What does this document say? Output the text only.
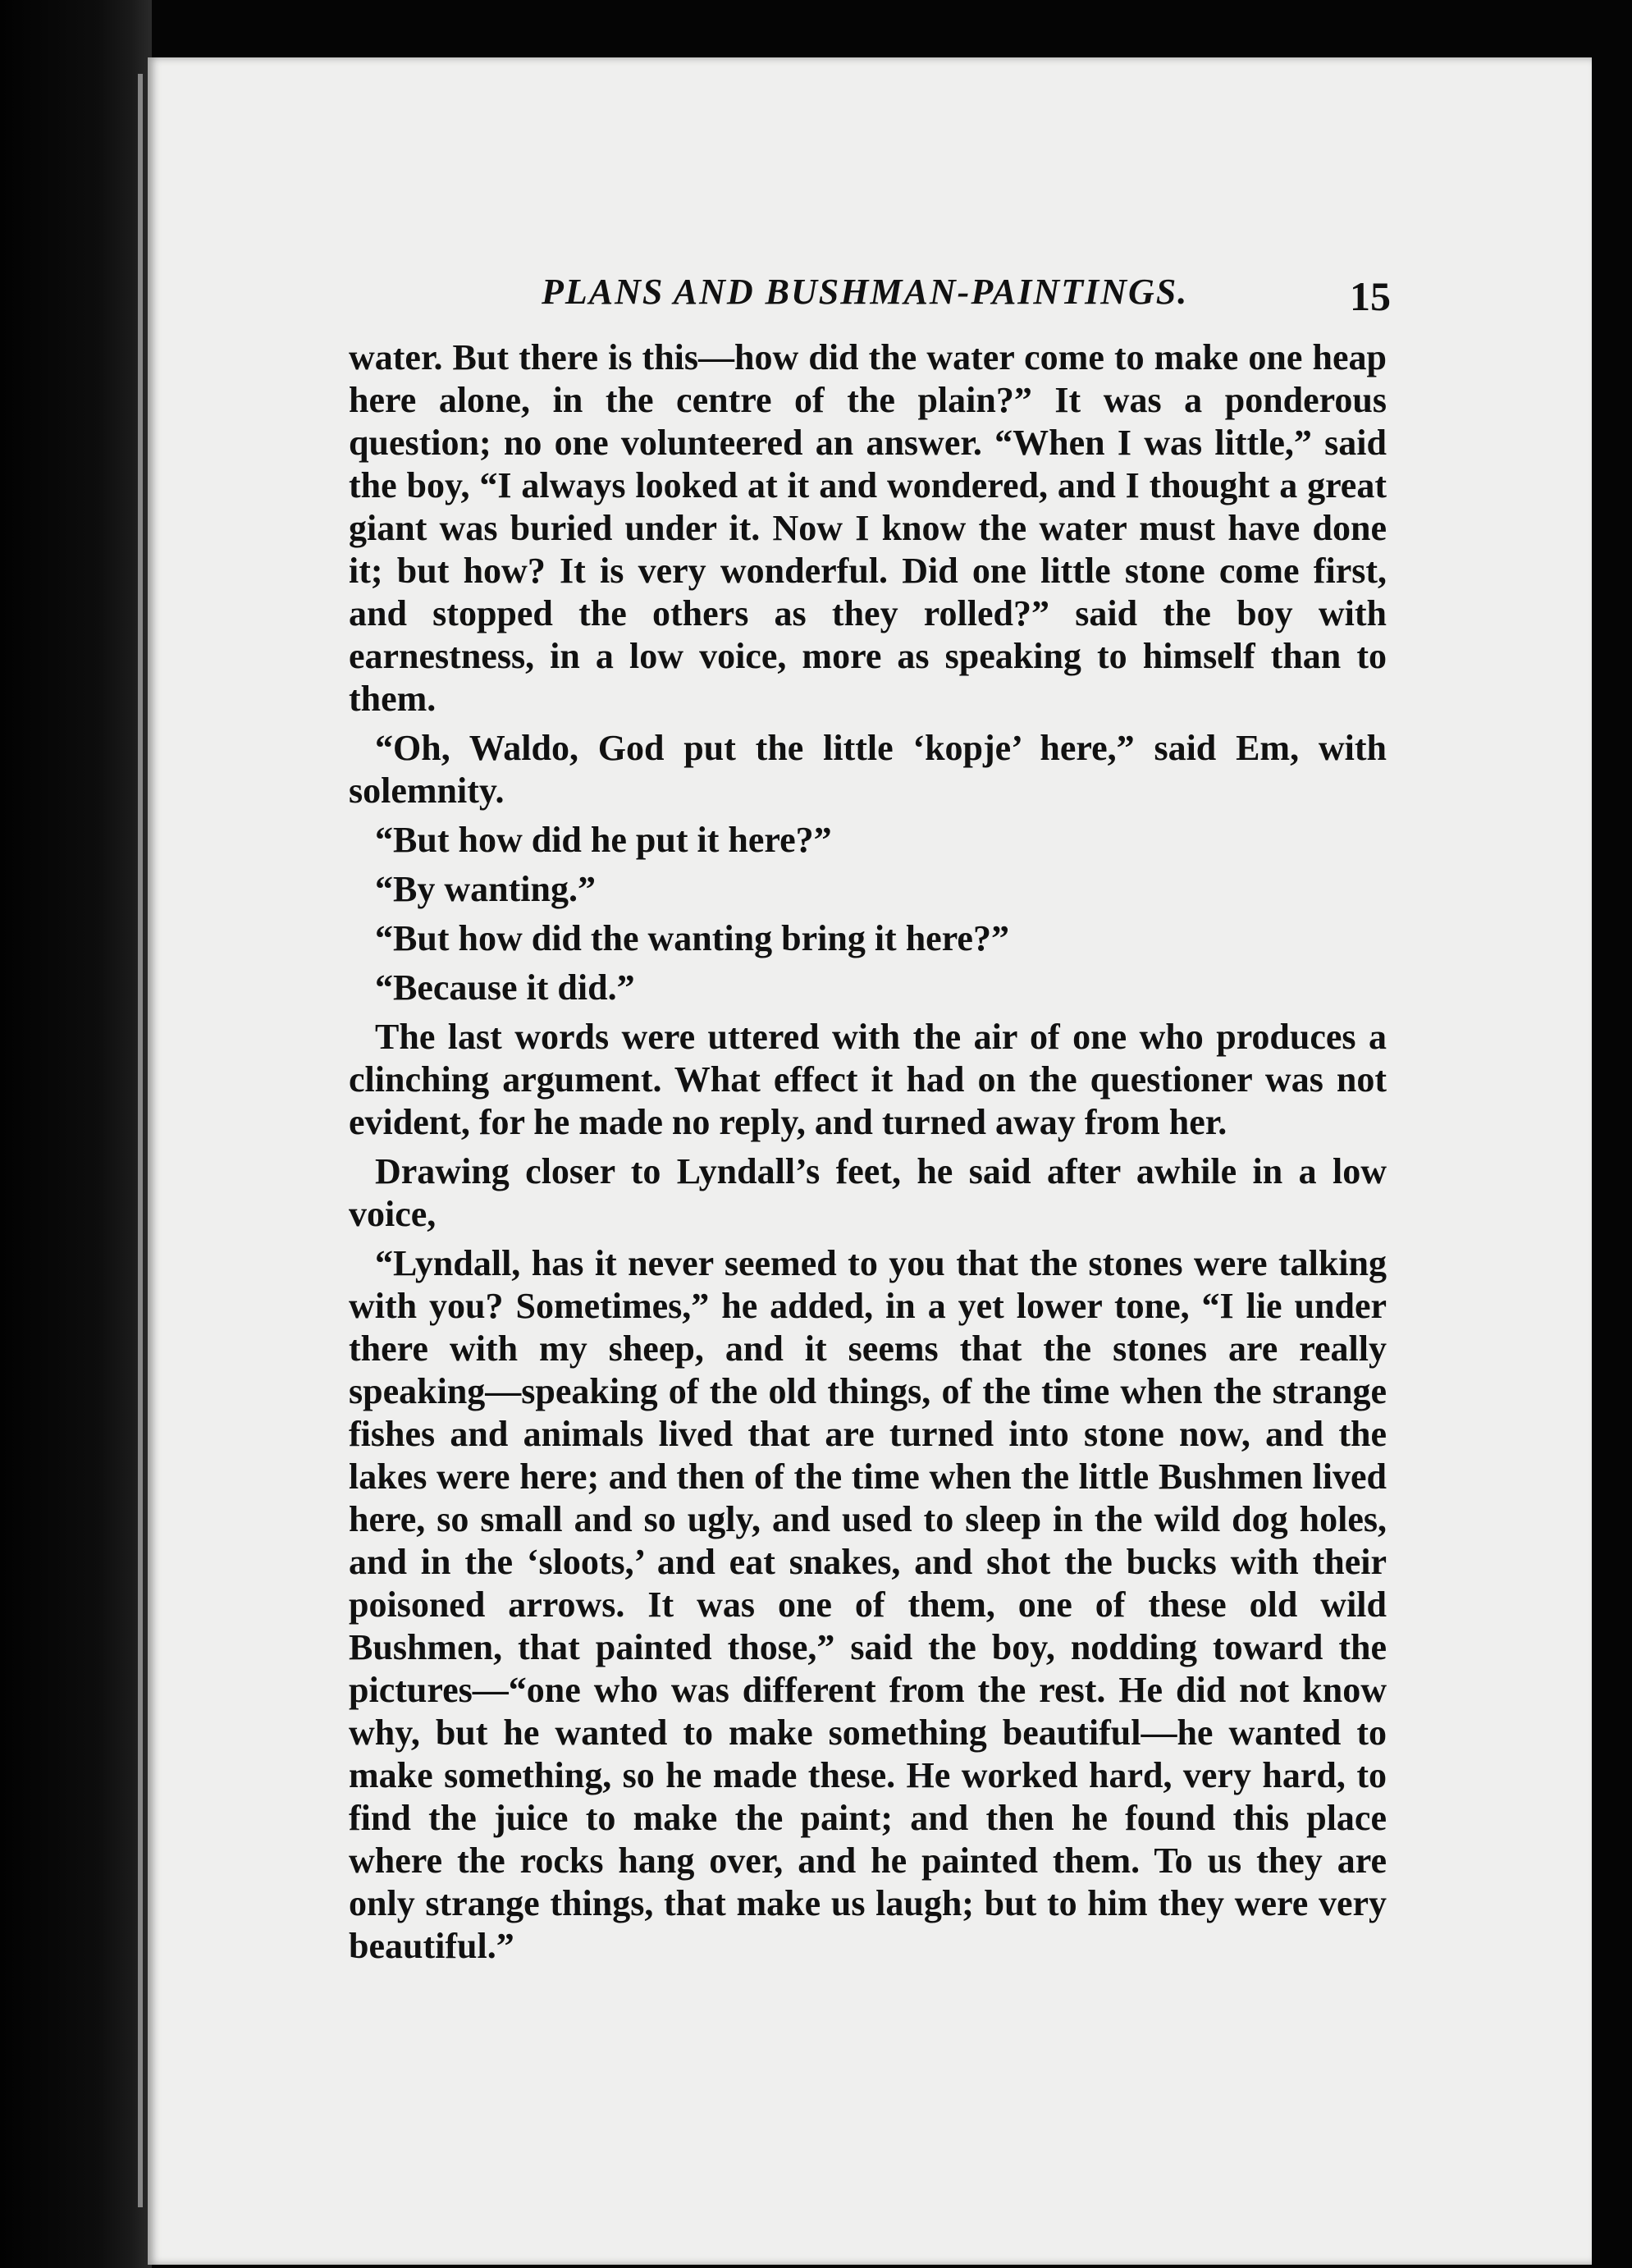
PLANS AND BUSHMAN-PAINTINGS.	15

water. But there is this—how did the water come to make one heap here alone, in the centre of the plain?” It was a ponderous question; no one volunteered an answer. “When I was little,” said the boy, “I always looked at it and wondered, and I thought a great giant was buried under it. Now I know the water must have done it; but how? It is very wonderful. Did one little stone come first, and stopped the others as they rolled?” said the boy with earnestness, in a low voice, more as speaking to himself than to them.

“Oh, Waldo, God put the little ‘kopje’ here,” said Em, with solemnity.

“But how did he put it here?”

“By wanting.”

“But how did the wanting bring it here?”

“Because it did.”

The last words were uttered with the air of one who produces a clinching argument. What effect it had on the questioner was not evident, for he made no reply, and turned away from her.

Drawing closer to Lyndall’s feet, he said after awhile in a low voice,

“Lyndall, has it never seemed to you that the stones were talking with you? Sometimes,” he added, in a yet lower tone, “I lie under there with my sheep, and it seems that the stones are really speaking—speaking of the old things, of the time when the strange fishes and animals lived that are turned into stone now, and the lakes were here; and then of the time when the little Bushmen lived here, so small and so ugly, and used to sleep in the wild dog holes, and in the ‘sloots,’ and eat snakes, and shot the bucks with their poisoned arrows. It was one of them, one of these old wild Bushmen, that painted those,” said the boy, nodding toward the pictures—“one who was different from the rest. He did not know why, but he wanted to make something beautiful—he wanted to make something, so he made these. He worked hard, very hard, to find the juice to make the paint; and then he found this place where the rocks hang over, and he painted them. To us they are only strange things, that make us laugh; but to him they were very beautiful.”
